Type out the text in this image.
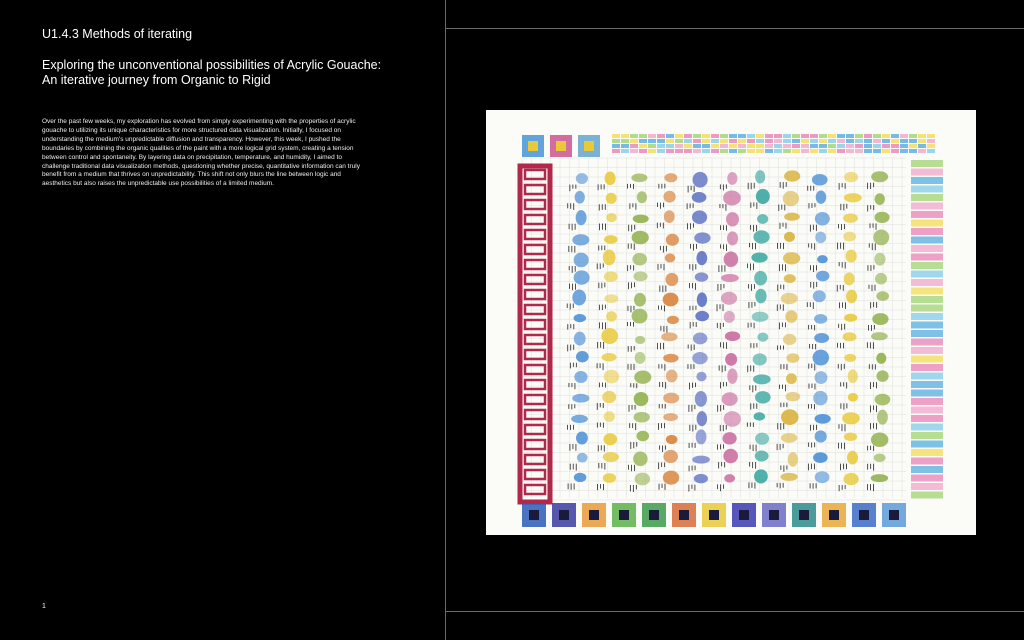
U1.4.3 Methods of iterating
Exploring the unconventional possibilities of Acrylic Gouache: An iterative journey from Organic to Rigid

Over the past few weeks, my exploration has evolved from simply experimenting with the properties of acrylic gouache to utilizing its unique characteristics for more structured data visualization. Initially, I focused on understanding the medium's unpredictable diffusion and transparency. However, this week, I pushed the boundaries by combining the organic qualities of the paint with a more logical grid system, creating a tension between control and spontaneity. By layering data on precipitation, temperature, and humidity, I aimed to challenge traditional data visualization methods, questioning whether precise, quantitative information can truly benefit from a medium that thrives on unpredictability. This shift not only blurs the line between logic and aesthetics but also raises the unpredictable use possibilities of a limited medium.

1
